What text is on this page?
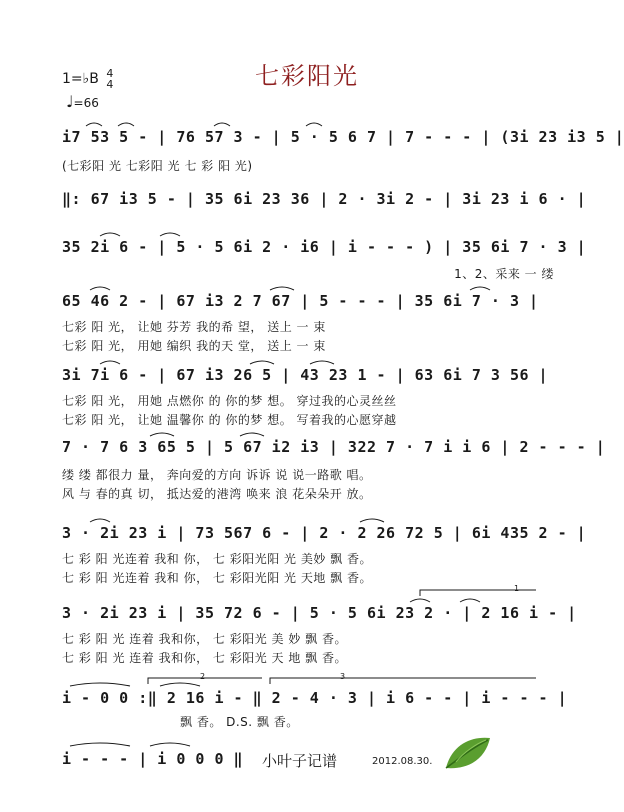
七彩阳光
1=♭B 4
4
♩=66
i7 53 5 - | 76 57 3 - | 5 · 5 6 7 | 7 - - - | (3i 23 i3 5 |
(七彩阳 光 七彩阳 光 七 彩 阳 光)
‖: 67 i3 5 - | 35 6i 23 36 | 2 · 3i 2 - | 3i 23 i 6 · |
35 2i 6 - | 5 · 5 6i 2 · i6 | i - - - ) | 35 6i 7 · 3 |
1、2、采来 一 缕
65 46 2 - | 67 i3 2 7 67 | 5 - - - | 35 6i 7 · 3 |
七彩 阳 光， 让她 芬芳 我的希 望， 送上 一 束
七彩 阳 光， 用她 编织 我的天 堂， 送上 一 束
3i 7i 6 - | 67 i3 26 5 | 43 23 1 - | 63 6i 7 3 56 |
七彩 阳 光， 用她 点燃你 的 你的梦 想。 穿过我的心灵丝丝
七彩 阳 光， 让她 温馨你 的 你的梦 想。 写着我的心愿穿越
7 · 7 6 3 65 5 | 5 67 i2 i3 | 322 7 · 7 i i 6 | 2 - - - |
缕 缕 都很力 量， 奔向爱的方向 诉诉 说 说一路歌 唱。
风 与 春的真 切， 抵达爱的港湾 唤来 浪 花朵朵开 放。
3 · 2i 23 i | 73 567 6 - | 2 · 2 26 72 5 | 6i 435 2 - |
七 彩 阳 光连着 我和 你， 七 彩阳光阳 光 美妙 飘 香。
七 彩 阳 光连着 我和 你， 七 彩阳光阳 光 天地 飘 香。
3 · 2i 23 i | 35 72 6 - | 5 · 5 6i 23 2 · | 2 16 i - |
七 彩 阳 光 连着 我和你， 七 彩阳光 美 妙 飘 香。
七 彩 阳 光 连着 我和你， 七 彩阳光 天 地 飘 香。
i - 0 0 :‖ 2 16 i - ‖ 2 - 4 · 3 | i 6 - - | i - - - |
飘 香。 D.S. 飘 香。
i - - - | i 0 0 0 ‖ 小叶子记谱	2012.08.30.
1
2	3
